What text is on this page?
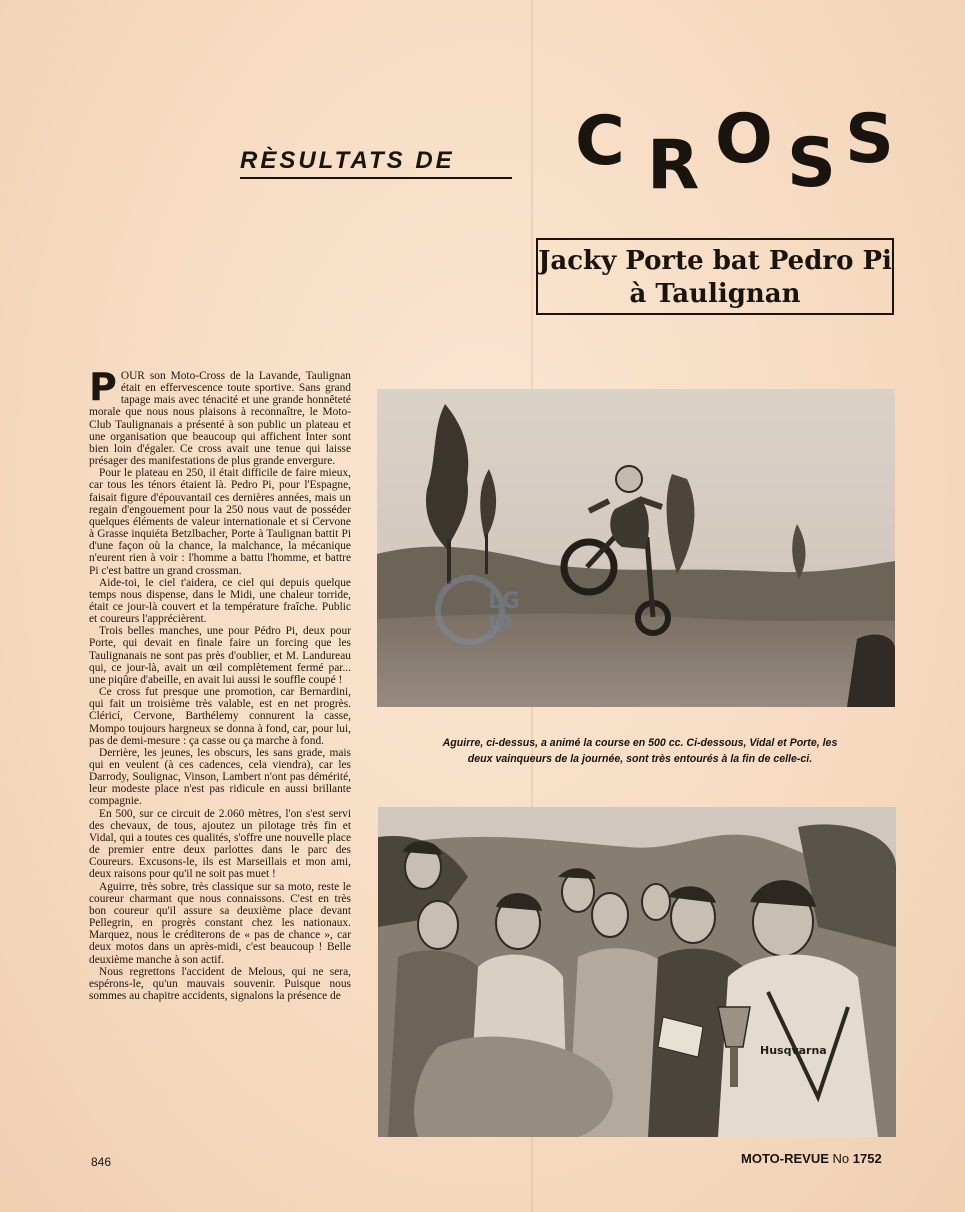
RÈSULTATS DE	C R O S S
Jacky Porte bat Pedro Pi
à Taulignan

POUR son Moto-Cross de la Lavande, Taulignan était en effervescence toute sportive. Sans grand tapage mais avec ténacité et une grande honnêteté morale que nous nous plaisons à reconnaître, le Moto-Club Taulignanais a présenté à son public un plateau et une organisation que beaucoup qui affichent Inter sont bien loin d'égaler. Ce cross avait une tenue qui laisse présager des manifestations de plus grande envergure.

Pour le plateau en 250, il était difficile de faire mieux, car tous les ténors étaient là. Pedro Pi, pour l'Espagne, faisait figure d'épouvantail ces dernières années, mais un regain d'engouement pour la 250 nous vaut de posséder quelques éléments de valeur internationale et si Cervone à Grasse inquiéta Betzlbacher, Porte à Taulignan battit Pi d'une façon où la chance, la malchance, la mécanique n'eurent rien à voir : l'homme a battu l'homme, et battre Pi c'est battre un grand crossman.

Aide-toi, le ciel t'aidera, ce ciel qui depuis quelque temps nous dispense, dans le Midi, une chaleur torride, était ce jour-là couvert et la température fraîche. Public et coureurs l'apprécièrent.

Trois belles manches, une pour Pédro Pi, deux pour Porte, qui devait en finale faire un forcing que les Taulignanais ne sont pas près d'oublier, et M. Landureau qui, ce jour-là, avait un œil complètement fermé par... une piqûre d'abeille, en avait lui aussi le souffle coupé !

Ce cross fut presque une promotion, car Bernardini, qui fait un troisième très valable, est en net progrès. Cléricí, Cervone, Barthélemy connurent la casse, Mompo toujours hargneux se donna à fond, car, pour lui, pas de demi-mesure : ça casse ou ça marche à fond.

Derrière, les jeunes, les obscurs, les sans grade, mais qui en veulent (à ces cadences, cela viendra), car les Darrody, Soulignac, Vinson, Lambert n'ont pas démérité, leur modeste place n'est pas ridicule en aussi brillante compagnie.

En 500, sur ce circuit de 2.060 mètres, l'on s'est servi des chevaux, de tous, ajoutez un pilotage très fin et Vidal, qui a toutes ces qualités, s'offre une nouvelle place de premier entre deux parlottes dans le parc des Coureurs. Excusons-le, ils est Marseillais et mon ami, deux raisons pour qu'il ne soit pas muet !

Aguirre, très sobre, très classique sur sa moto, reste le coureur charmant que nous connaissons. C'est en très bon coureur qu'il assure sa deuxième place devant Pellegrin, en progrès constant chez les nationaux. Marquez, nous le créditerons de « pas de chance », car deux motos dans un après-midi, c'est beaucoup ! Belle deuxième manche à son actif.

Nous regrettons l'accident de Melous, qui ne sera, espérons-le, qu'un mauvais souvenir. Puisque nous sommes au chapitre accidents, signalons la présence de

Aguirre, ci-dessus, a animé la course en 500 cc. Ci-dessous, Vidal et Porte, les deux vainqueurs de la journée, sont très entourés à la fin de celle-ci.
Husqvarna
LG
JP
846	MOTO-REVUE No 1752
